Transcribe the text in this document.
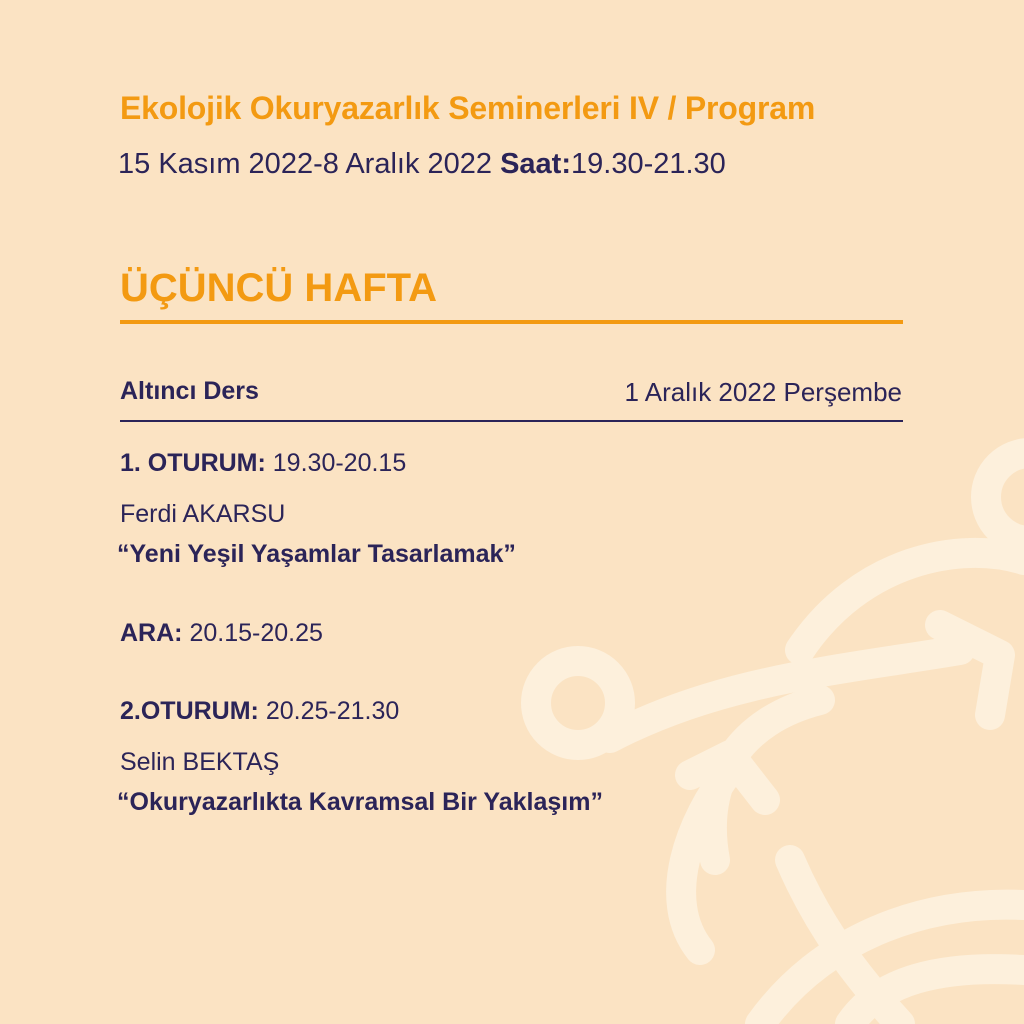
Ekolojik Okuryazarlık Seminerleri IV / Program
15 Kasım 2022-8 Aralık 2022 Saat:19.30-21.30
ÜÇÜNCÜ HAFTA
Altıncı Ders	1 Aralık 2022 Perşembe
1. OTURUM: 19.30-20.15
Ferdi AKARSU
“Yeni Yeşil Yaşamlar Tasarlamak”
ARA: 20.15-20.25
2.OTURUM: 20.25-21.30
Selin BEKTAŞ
“Okuryazarlıkta Kavramsal Bir Yaklaşım”
